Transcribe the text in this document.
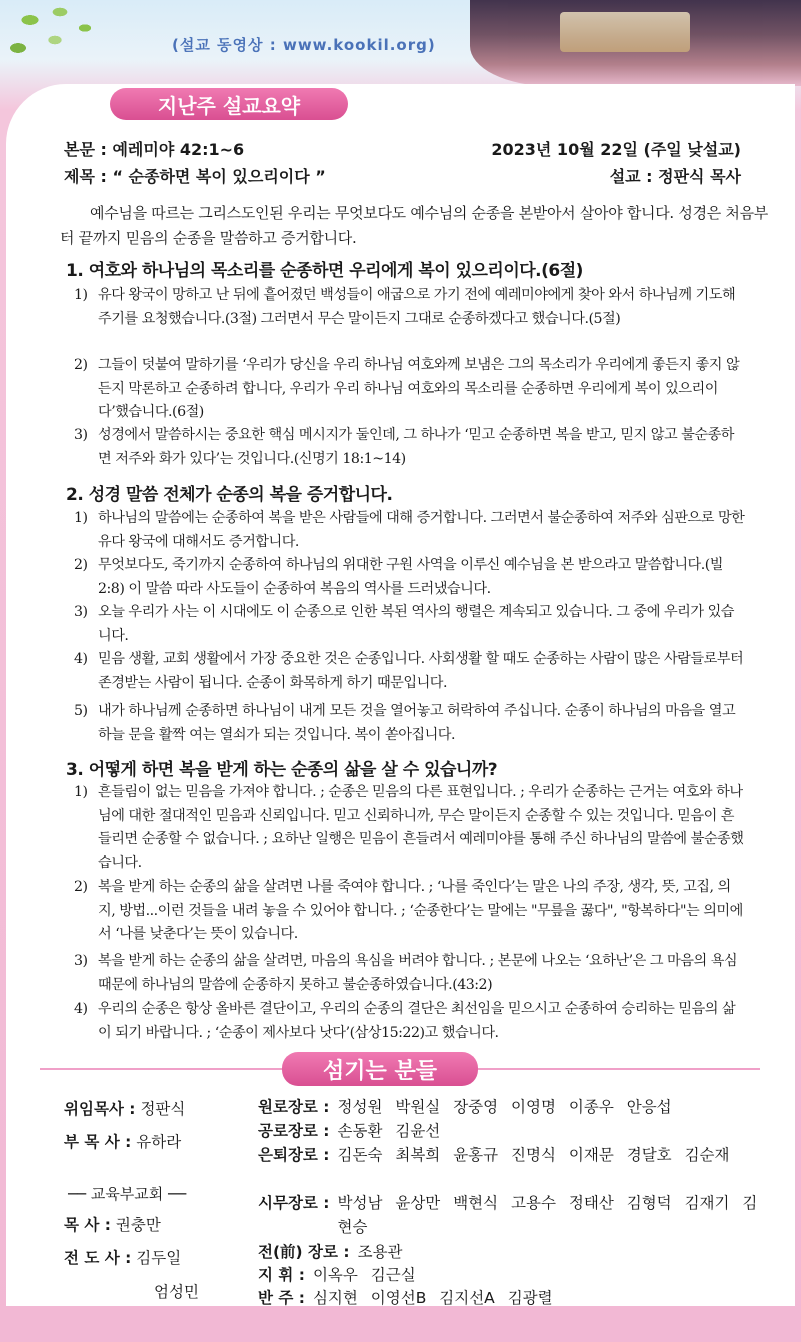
(설교 동영상 : www.kookil.org)
지난주 설교요약
본문 : 예레미야 42:1~6	2023년 10월 22일 (주일 낮설교)
제목 : “ 순종하면 복이 있으리이다 ”	설교 : 정판식 목사
예수님을 따르는 그리스도인된 우리는 무엇보다도 예수님의 순종을 본받아서 살아야 합니다. 성경은 처음부터 끝까지 믿음의 순종을 말씀하고 증거합니다.
1. 여호와 하나님의 목소리를 순종하면 우리에게 복이 있으리이다.(6절)
1) 유다 왕국이 망하고 난 뒤에 흩어졌던 백성들이 애굽으로 가기 전에 예레미야에게 찾아 와서 하나님께 기도해 주기를 요청했습니다.(3절) 그러면서 무슨 말이든지 그대로 순종하겠다고 했습니다.(5절)
2) 그들이 덧붙여 말하기를 ‘우리가 당신을 우리 하나님 여호와께 보냄은 그의 목소리가 우리에게 좋든지 좋지 않든지 막론하고 순종하려 합니다, 우리가 우리 하나님 여호와의 목소리를 순종하면 우리에게 복이 있으리이다’했습니다.(6절)
3) 성경에서 말씀하시는 중요한 핵심 메시지가 둘인데, 그 하나가 ‘믿고 순종하면 복을 받고, 믿지 않고 불순종하면 저주와 화가 있다’는 것입니다.(신명기 18:1~14)
2. 성경 말씀 전체가 순종의 복을 증거합니다.
1) 하나님의 말씀에는 순종하여 복을 받은 사람들에 대해 증거합니다. 그러면서 불순종하여 저주와 심판으로 망한 유다 왕국에 대해서도 증거합니다.
2) 무엇보다도, 죽기까지 순종하여 하나님의 위대한 구원 사역을 이루신 예수님을 본 받으라고 말씀합니다.(빌2:8) 이 말씀 따라 사도들이 순종하여 복음의 역사를 드러냈습니다.
3) 오늘 우리가 사는 이 시대에도 이 순종으로 인한 복된 역사의 행렬은 계속되고 있습니다. 그 중에 우리가 있습니다.
4) 믿음 생활, 교회 생활에서 가장 중요한 것은 순종입니다. 사회생활 할 때도 순종하는 사람이 많은 사람들로부터 존경받는 사람이 됩니다. 순종이 화목하게 하기 때문입니다.
5) 내가 하나님께 순종하면 하나님이 내게 모든 것을 열어놓고 허락하여 주십니다. 순종이 하나님의 마음을 열고 하늘 문을 활짝 여는 열쇠가 되는 것입니다. 복이 쏟아집니다.
3. 어떻게 하면 복을 받게 하는 순종의 삶을 살 수 있습니까?
1) 흔들림이 없는 믿음을 가져야 합니다. ; 순종은 믿음의 다른 표현입니다. ; 우리가 순종하는 근거는 여호와 하나님에 대한 절대적인 믿음과 신뢰입니다. 믿고 신뢰하니까, 무슨 말이든지 순종할 수 있는 것입니다. 믿음이 흔들리면 순종할 수 없습니다. ; 요하난 일행은 믿음이 흔들려서 예레미야를 통해 주신 하나님의 말씀에 불순종했습니다.
2) 복을 받게 하는 순종의 삶을 살려면 나를 죽여야 합니다. ; ‘나를 죽인다’는 말은 나의 주장, 생각, 뜻, 고집, 의지, 방법...이런 것들을 내려 놓을 수 있어야 합니다. ; ‘순종한다’는 말에는 "무릎을 꿇다", "항복하다"는 의미에서 ‘나를 낮춘다’는 뜻이 있습니다.
3) 복을 받게 하는 순종의 삶을 살려면, 마음의 욕심을 버려야 합니다. ; 본문에 나오는 ‘요하난’은 그 마음의 욕심 때문에 하나님의 말씀에 순종하지 못하고 불순종하였습니다.(43:2)
4) 우리의 순종은 항상 올바른 결단이고, 우리의 순종의 결단은 최선임을 믿으시고 순종하여 승리하는 믿음의 삶이 되기 바랍니다. ; ‘순종이 제사보다 낫다’(삼상15:22)고 했습니다.
섬기는 분들
위임목사 : 정판식
부 목 사 : 유하라
── 교육부교회 ──
목 사 : 권충만
전 도 사 : 김두일
엄성민
원로장로 : 정성원 박원실 장중영 이영명 이종우 안응섭
공로장로 : 손동환 김윤선
은퇴장로 : 김돈숙 최복희 윤홍규 진명식 이재문 경달호 김순재
시무장로 : 박성남 윤상만 백현식 고용수 정태산 김형덕 김재기 김현승
전(前) 장로 : 조용관
지 휘 : 이옥우 김근실
반 주 : 심지현 이영선B 김지선A 김광렬
